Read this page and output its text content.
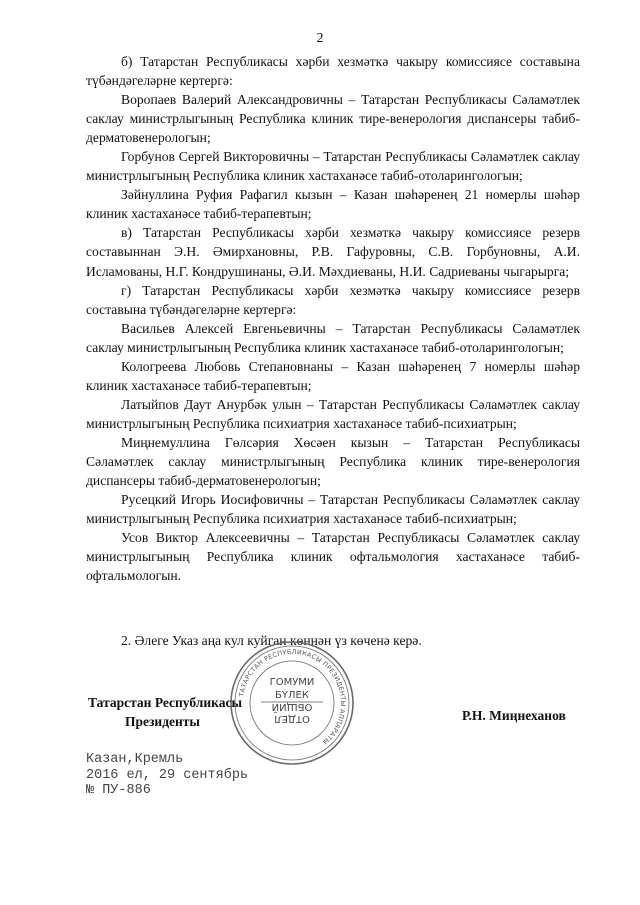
2

б) Татарстан Республикасы хәрби хезмәткә чакыру комиссиясе составына түбәндәгеләрне кертергә:

Воропаев Валерий Александровичны – Татарстан Республикасы Сәламәтлек саклау министрлыгының Республика клиник тире-венерология диспансеры табиб-дерматовенерологын;

Горбунов Сергей Викторовичны – Татарстан Республикасы Сәламәтлек саклау министрлыгының Республика клиник хастаханәсе табиб-отоларингологын;

Зәйнуллина Руфия Рафагил кызын – Казан шәһәренең 21 номерлы шәһәр клиник хастаханәсе табиб-терапевтын;

в) Татарстан Республикасы хәрби хезмәткә чакыру комиссиясе резерв составыннан Э.Н. Әмирхановны, Р.В. Гафуровны, С.В. Горбуновны, А.И. Исламованы, Н.Г. Кондрушинаны, Ә.И. Мәхдиеваны, Н.И. Садриеваны чыгарырга;

г) Татарстан Республикасы хәрби хезмәткә чакыру комиссиясе резерв составына түбәндәгеләрне кертергә:

Васильев Алексей Евгеньевичны – Татарстан Республикасы Сәламәтлек саклау министрлыгының Республика клиник хастаханәсе табиб-отоларингологын;

Кологреева Любовь Степановнаны – Казан шәһәренең 7 номерлы шәһәр клиник хастаханәсе табиб-терапевтын;

Латыйпов Даут Анурбәк улын – Татарстан Республикасы Сәламәтлек саклау министрлыгының Республика психиатрия хастаханәсе табиб-психиатрын;

Миңнемуллина Гөлсәрия Хөсәен кызын – Татарстан Республикасы Сәламәтлек саклау министрлыгының Республика клиник тире-венерология диспансеры табиб-дерматовенерологын;

Русецкий Игорь Иосифовичны – Татарстан Республикасы Сәламәтлек саклау министрлыгының Республика психиатрия хастаханәсе табиб-психиатрын;

Усов Виктор Алексеевичны – Татарстан Республикасы Сәламәтлек саклау министрлыгының Республика клиник офтальмология хастаханәсе табиб-офтальмологын.

2. Әлеге Указ аңа кул куйган көннән үз көченә керә.
ТАТАРСТАН РЕСПУБЛИКАСЫ ПРЕЗИДЕНТЫ АППАРАТЫ
ГОМУМИ
БҮЛЕК
ОБЩИЙ
ОТДЕЛ
Татарстан Республикасы
Президенты	Р.Н. Миңнеханов
Казан,Кремль
2016 ел, 29 сентябрь
№ ПУ-886
